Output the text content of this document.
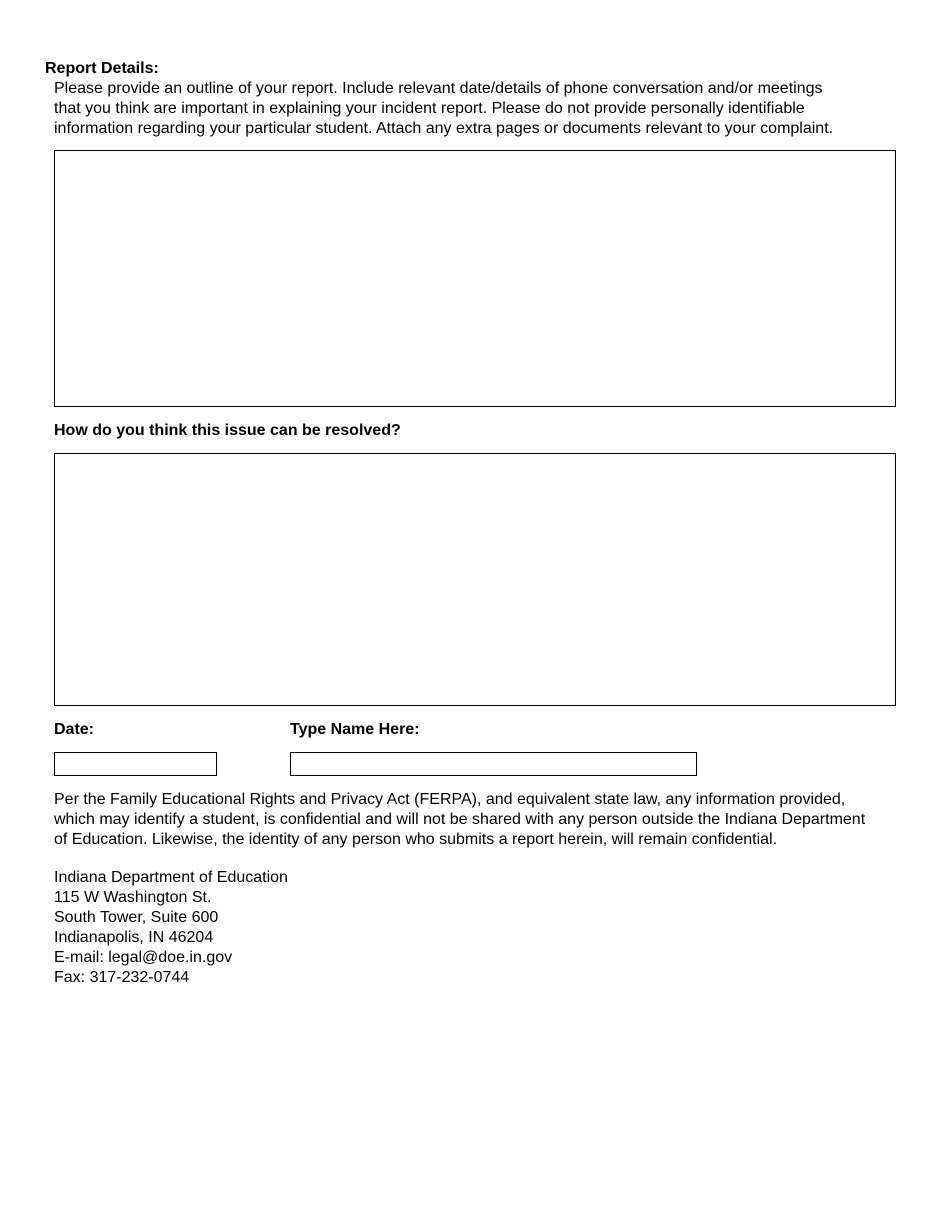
Report Details:
Please provide an outline of your report. Include relevant date/details of phone conversation and/or meetings
that you think are important in explaining your incident report. Please do not provide personally identifiable
information regarding your particular student. Attach any extra pages or documents relevant to your complaint.
How do you think this issue can be resolved?
Date:	Type Name Here:
Per the Family Educational Rights and Privacy Act (FERPA), and equivalent state law, any information provided,
which may identify a student, is confidential and will not be shared with any person outside the Indiana Department
of Education. Likewise, the identity of any person who submits a report herein, will remain confidential.
Indiana Department of Education
115 W Washington St.
South Tower, Suite 600
Indianapolis, IN 46204
E-mail: legal@doe.in.gov
Fax: 317-232-0744
